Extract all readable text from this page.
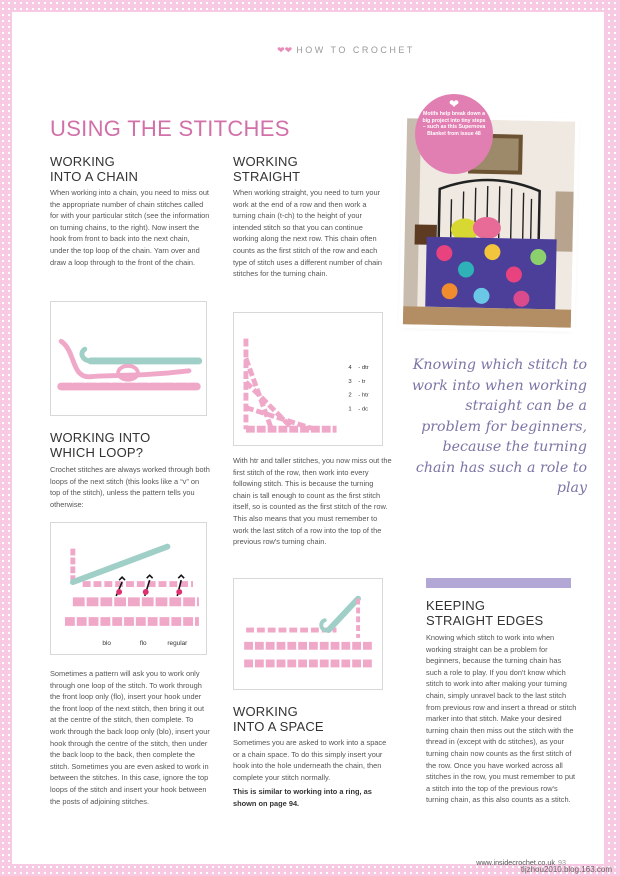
❤❤ HOW TO CROCHET
USING THE STITCHES
WORKING
INTO A CHAIN

When working into a chain, you need to miss out the appropriate number of chain stitches called for with your particular stitch (see the information on turning chains, to the right). Now insert the hook from front to back into the next chain, under the top loop of the chain. Yarn over and draw a loop through to the front of the chain.

WORKING INTO
WHICH LOOP?

Crochet stitches are always worked through both loops of the next stitch (this looks like a “v” on top of the stitch), unless the pattern tells you otherwise:

blo	flo	regular

Sometimes a pattern will ask you to work only through one loop of the stitch. To work through the front loop only (flo), insert your hook under the front loop of the next stitch, then bring it out at the centre of the stitch, then complete. To work through the back loop only (blo), insert your hook through the centre of the stitch, then under the back loop to the back, then complete the stitch. Sometimes you are even asked to work in between the stitches. In this case, ignore the top loops of the stitch and insert your hook between the posts of adjoining stitches.

WORKING
STRAIGHT

When working straight, you need to turn your work at the end of a row and then work a turning chain (t-ch) to the height of your intended stitch so that you can continue working along the next row. This chain often counts as the first stitch of the row and each type of stitch uses a different number of chain stitches for the turning chain.

4 - dtr
3 - tr
2 - htr
1 - dc

With htr and taller stitches, you now miss out the first stitch of the row, then work into every following stitch. This is because the turning chain is tall enough to count as the first stitch itself, so is counted as the first stitch of the row. This also means that you must remember to work the last stitch of a row into the top of the previous row's turning chain.

WORKING
INTO A SPACE

Sometimes you are asked to work into a space or a chain space. To do this simply insert your hook into the hole underneath the chain, then complete your stitch normally.

This is similar to working into a ring, as shown on page 94.

❤
Motifs help break down a big project into tiny steps – such as this Supernova Blanket from issue 48
Knowing which stitch to work into when working straight can be a problem for beginners, because the turning chain has such a role to play
KEEPING
STRAIGHT EDGES

Knowing which stitch to work into when working straight can be a problem for beginners, because the turning chain has such a role to play. If you don't know which stitch to work into after making your turning chain, simply unravel back to the last stitch from previous row and insert a thread or stitch marker into that stitch. Make your desired turning chain then miss out the stitch with the thread in (except with dc stitches), as your turning chain now counts as the first stitch of the row. Once you have worked across all stitches in the row, you must remember to put a stitch into the top of the previous row's turning chain, as this also counts as a stitch.

www.insidecrochet.co.uk 93
tljzhou2010.blog.163.com
